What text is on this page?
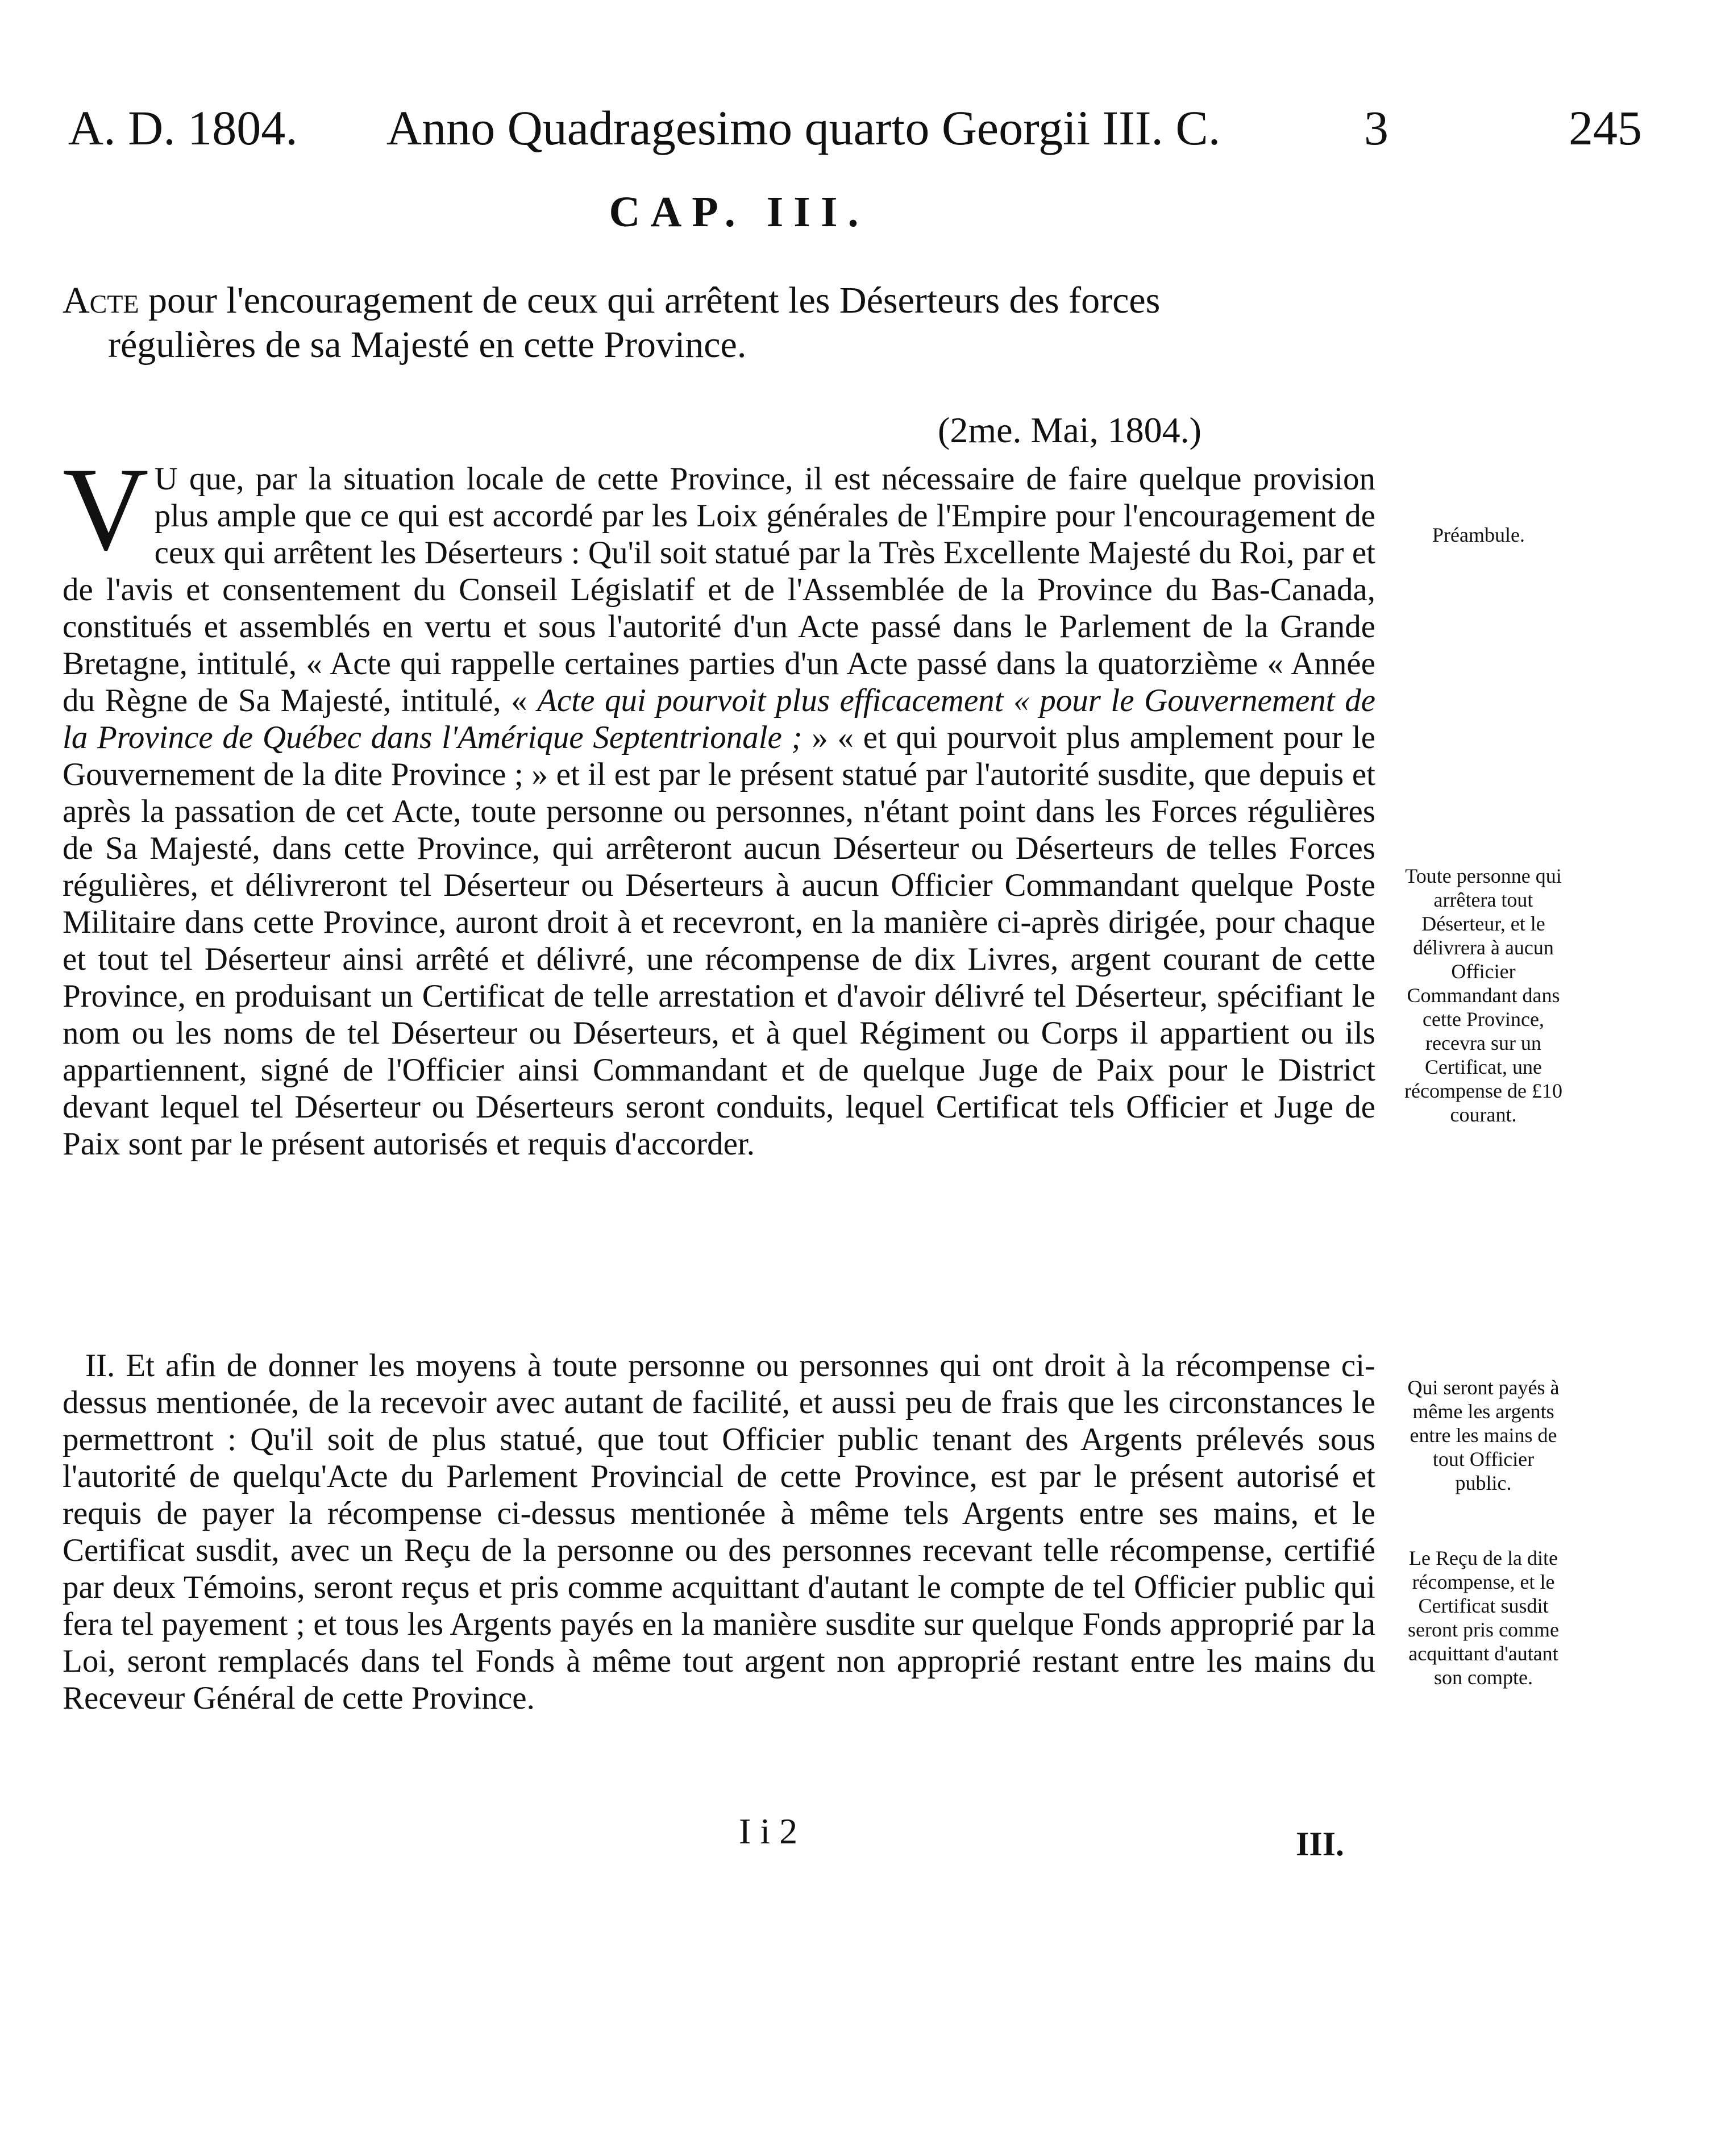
A. D. 1804. Anno Quadragesimo quarto Georgii III. C.	3	245
CAP. III.
Acte pour l'encouragement de ceux qui arrêtent les Déserteurs des forces
régulières de sa Majesté en cette Province.
(2me. Mai, 1804.)
V U que, par la situation locale de cette Province, il est nécessaire de faire quelque provision plus ample que ce qui est accordé par les Loix générales de l'Empire pour l'encouragement de ceux qui arrêtent les Déserteurs : Qu'il soit statué par la Très Excellente Majesté du Roi, par et de l'avis et consentement du Conseil Législatif et de l'Assemblée de la Province du Bas-Canada, constitués et assemblés en vertu et sous l'autorité d'un Acte passé dans le Parlement de la Grande Bretagne, intitulé, « Acte qui rappelle certaines parties d'un Acte passé dans la quatorzième « Année du Règne de Sa Majesté, intitulé, « Acte qui pourvoit plus efficacement « pour le Gouvernement de la Province de Québec dans l'Amérique Septentrionale ; » « et qui pourvoit plus amplement pour le Gouvernement de la dite Province ; » et il est par le présent statué par l'autorité susdite, que depuis et après la passation de cet Acte, toute personne ou personnes, n'étant point dans les Forces régulières de Sa Majesté, dans cette Province, qui arrêteront aucun Déserteur ou Déserteurs de telles Forces régulières, et délivreront tel Déserteur ou Déserteurs à aucun Officier Commandant quelque Poste Militaire dans cette Province, auront droit à et recevront, en la manière ci-après dirigée, pour chaque et tout tel Déserteur ainsi arrêté et délivré, une récompense de dix Livres, argent courant de cette Province, en produisant un Certificat de telle arrestation et d'avoir délivré tel Déserteur, spécifiant le nom ou les noms de tel Déserteur ou Déserteurs, et à quel Régiment ou Corps il appartient ou ils appartiennent, signé de l'Officier ainsi Commandant et de quelque Juge de Paix pour le District devant lequel tel Déserteur ou Déserteurs seront conduits, lequel Certificat tels Officier et Juge de Paix sont par le présent autorisés et requis d'accorder.
II. Et afin de donner les moyens à toute personne ou personnes qui ont droit à la récompense ci-dessus mentionée, de la recevoir avec autant de facilité, et aussi peu de frais que les circonstances le permettront : Qu'il soit de plus statué, que tout Officier public tenant des Argents prélevés sous l'autorité de quelqu'Acte du Parlement Provincial de cette Province, est par le présent autorisé et requis de payer la récompense ci-dessus mentionée à même tels Argents entre ses mains, et le Certificat susdit, avec un Reçu de la personne ou des personnes recevant telle récompense, certifié par deux Témoins, seront reçus et pris comme acquittant d'autant le compte de tel Officier public qui fera tel payement ; et tous les Argents payés en la manière susdite sur quelque Fonds approprié par la Loi, seront remplacés dans tel Fonds à même tout argent non approprié restant entre les mains du Receveur Général de cette Province.
Préambule.
Toute personne qui arrêtera tout Déserteur, et le délivrera à aucun Officier Commandant dans cette Province, recevra sur un Certificat, une récompense de £10 courant.
Qui seront payés à même les argents entre les mains de tout Officier public.
Le Reçu de la dite récompense, et le Certificat susdit seront pris comme acquittant d'autant son compte.
I i 2	III.
